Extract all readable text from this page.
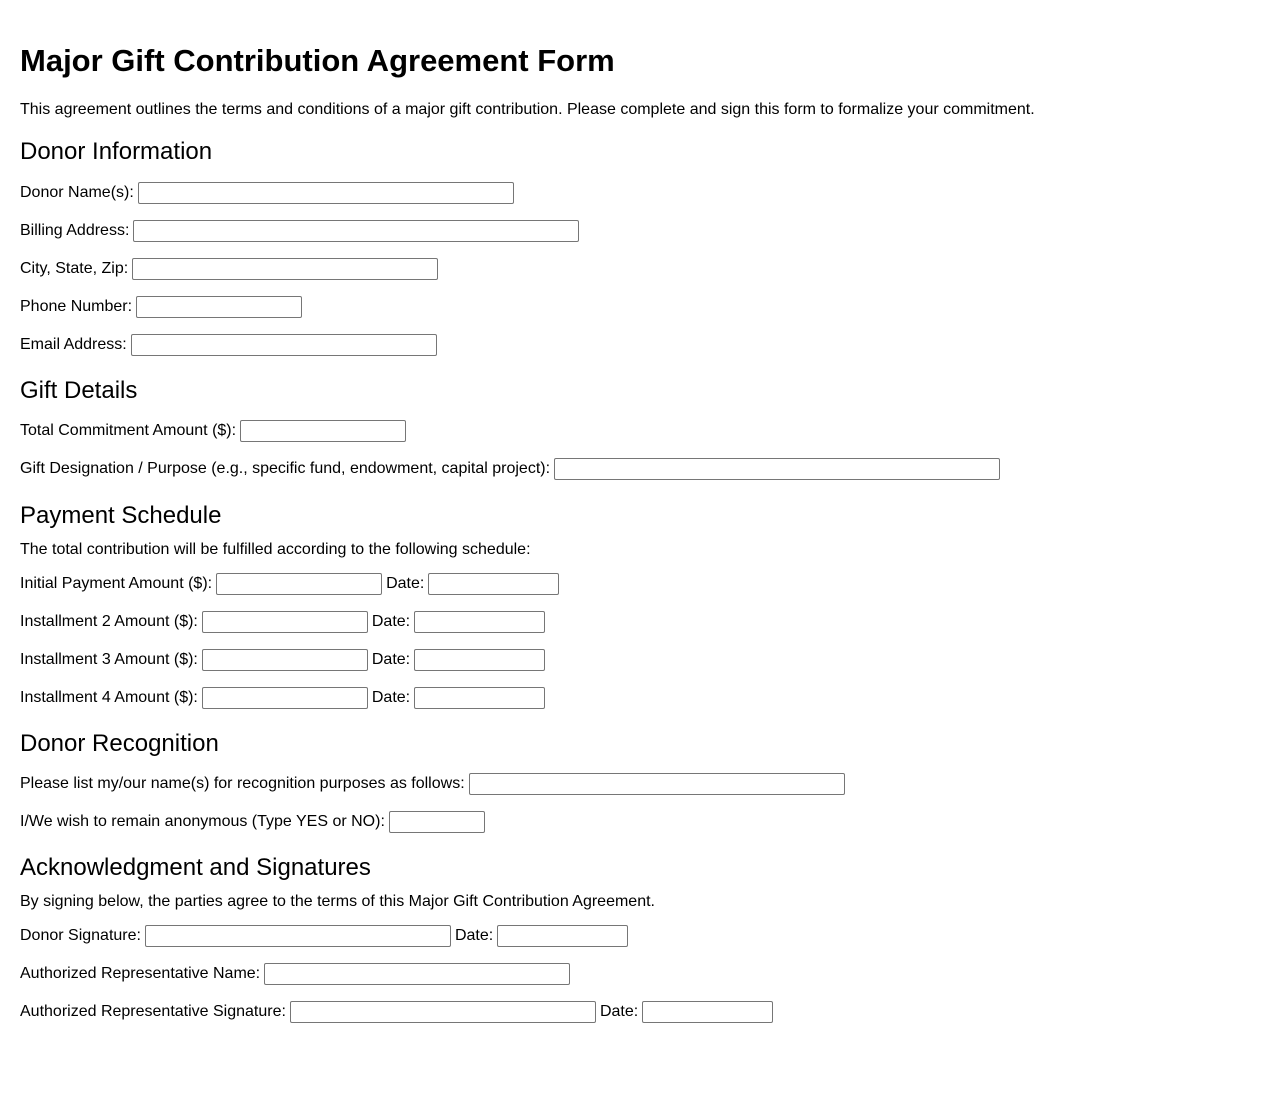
Major Gift Contribution Agreement Form

This agreement outlines the terms and conditions of a major gift contribution. Please complete and sign this form to formalize your commitment.

Donor Information
Donor Name(s):
Billing Address:
City, State, Zip:
Phone Number:
Email Address:
Gift Details
Total Commitment Amount ($):
Gift Designation / Purpose (e.g., specific fund, endowment, capital project):
Payment Schedule
The total contribution will be fulfilled according to the following schedule:
Initial Payment Amount ($):	Date:
Installment 2 Amount ($):	Date:
Installment 3 Amount ($):	Date:
Installment 4 Amount ($):	Date:
Donor Recognition
Please list my/our name(s) for recognition purposes as follows:
I/We wish to remain anonymous (Type YES or NO):
Acknowledgment and Signatures
By signing below, the parties agree to the terms of this Major Gift Contribution Agreement.
Donor Signature:	Date:
Authorized Representative Name:
Authorized Representative Signature:	Date:
